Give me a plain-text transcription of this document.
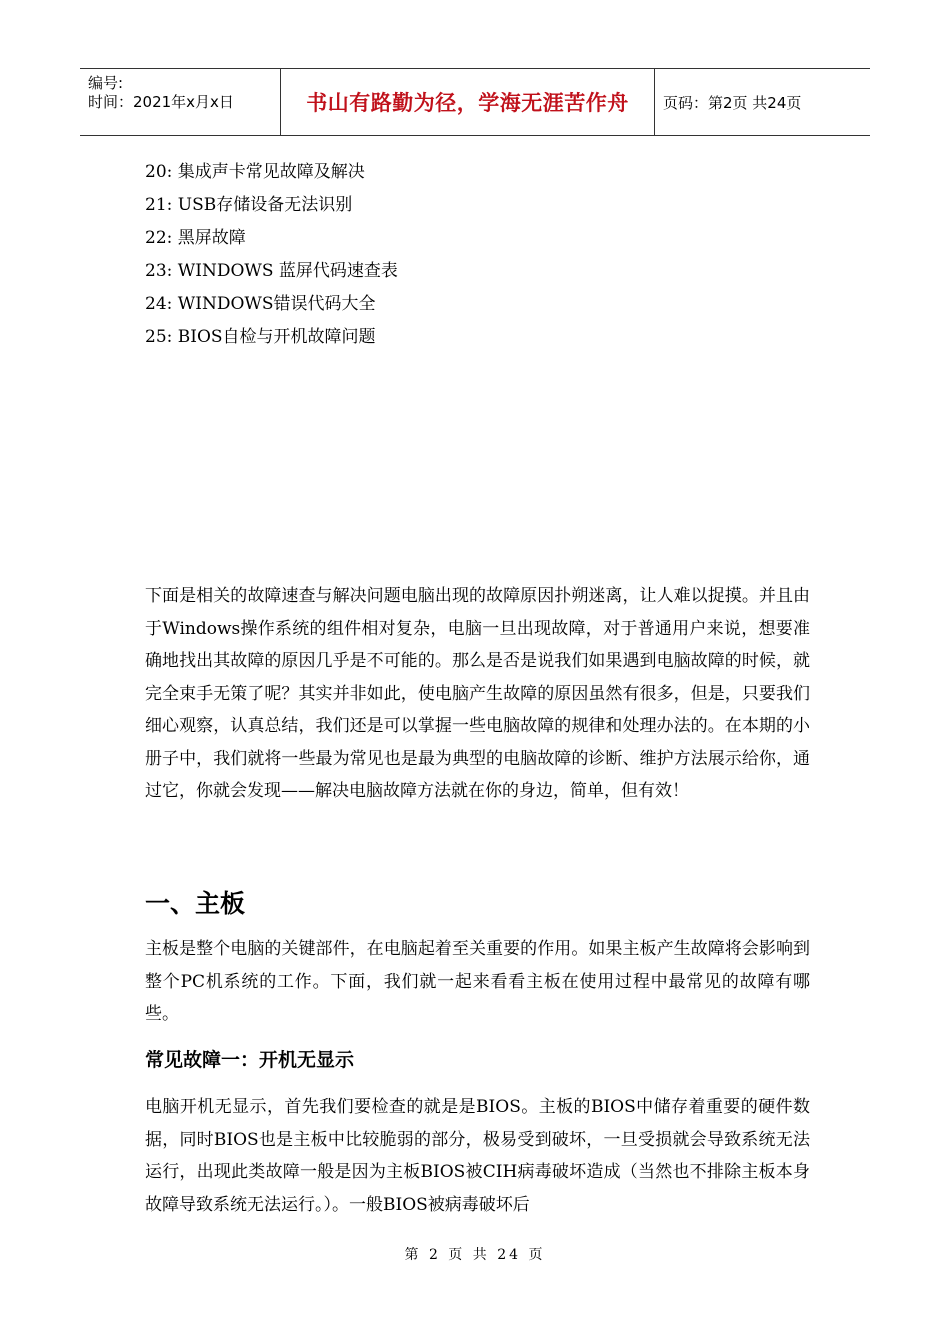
编号:
时间：2021年x月x日	书山有路勤为径，学海无涯苦作舟	页码：第2页 共24页
20: 集成声卡常见故障及解决
21: USB存储设备无法识别
22: 黑屏故障
23: WINDOWS 蓝屏代码速查表
24: WINDOWS错误代码大全
25: BIOS自检与开机故障问题

下面是相关的故障速查与解决问题电脑出现的故障原因扑朔迷离，让人难以捉摸。并且由于Windows操作系统的组件相对复杂，电脑一旦出现故障，对于普通用户来说，想要准确地找出其故障的原因几乎是不可能的。那么是否是说我们如果遇到电脑故障的时候，就完全束手无策了呢？其实并非如此，使电脑产生故障的原因虽然有很多，但是，只要我们细心观察，认真总结，我们还是可以掌握一些电脑故障的规律和处理办法的。在本期的小册子中，我们就将一些最为常见也是最为典型的电脑故障的诊断、维护方法展示给你，通过它，你就会发现——解决电脑故障方法就在你的身边，简单，但有效！

一、主板

主板是整个电脑的关键部件，在电脑起着至关重要的作用。如果主板产生故障将会影响到整个PC机系统的工作。下面，我们就一起来看看主板在使用过程中最常见的故障有哪些。

常见故障一：开机无显示

电脑开机无显示，首先我们要检查的就是是BIOS。主板的BIOS中储存着重要的硬件数据，同时BIOS也是主板中比较脆弱的部分，极易受到破坏，一旦受损就会导致系统无法运行，出现此类故障一般是因为主板BIOS被CIH病毒破坏造成（当然也不排除主板本身故障导致系统无法运行。）。一般BIOS被病毒破坏后

第 2 页 共 24 页
